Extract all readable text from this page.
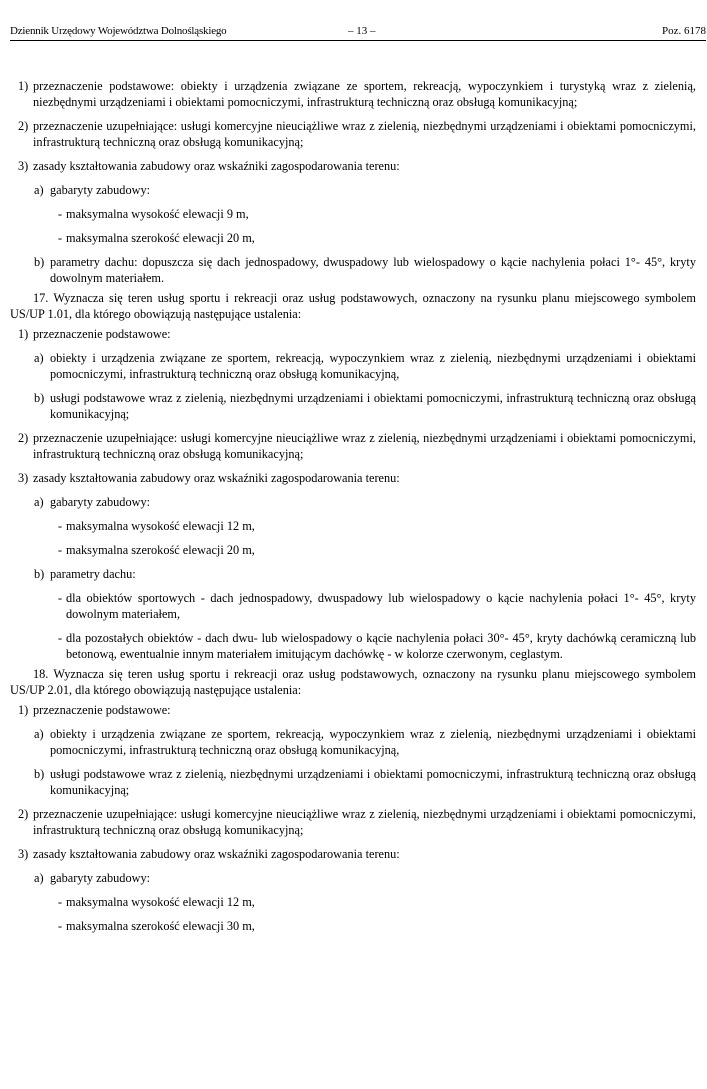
Dziennik Urzędowy Województwa Dolnośląskiego	– 13 –	Poz. 6178
1) przeznaczenie podstawowe: obiekty i urządzenia związane ze sportem, rekreacją, wypoczynkiem i turystyką wraz z zielenią, niezbędnymi urządzeniami i obiektami pomocniczymi, infrastrukturą techniczną oraz obsługą komunikacyjną;
2) przeznaczenie uzupełniające: usługi komercyjne nieuciążliwe wraz z zielenią, niezbędnymi urządzeniami i obiektami pomocniczymi, infrastrukturą techniczną oraz obsługą komunikacyjną;
3) zasady kształtowania zabudowy oraz wskaźniki zagospodarowania terenu:
a) gabaryty zabudowy:
- maksymalna wysokość elewacji 9 m,
- maksymalna szerokość elewacji 20 m,
b) parametry dachu: dopuszcza się dach jednospadowy, dwuspadowy lub wielospadowy o kącie nachylenia połaci 1°- 45°, kryty dowolnym materiałem.

17. Wyznacza się teren usług sportu i rekreacji oraz usług podstawowych, oznaczony na rysunku planu miejscowego symbolem US/UP 1.01, dla którego obowiązują następujące ustalenia:

1) przeznaczenie podstawowe:
a) obiekty i urządzenia związane ze sportem, rekreacją, wypoczynkiem wraz z zielenią, niezbędnymi urządzeniami i obiektami pomocniczymi, infrastrukturą techniczną oraz obsługą komunikacyjną,
b) usługi podstawowe wraz z zielenią, niezbędnymi urządzeniami i obiektami pomocniczymi, infrastrukturą techniczną oraz obsługą komunikacyjną;
2) przeznaczenie uzupełniające: usługi komercyjne nieuciążliwe wraz z zielenią, niezbędnymi urządzeniami i obiektami pomocniczymi, infrastrukturą techniczną oraz obsługą komunikacyjną;
3) zasady kształtowania zabudowy oraz wskaźniki zagospodarowania terenu:
a) gabaryty zabudowy:
- maksymalna wysokość elewacji 12 m,
- maksymalna szerokość elewacji 20 m,
b) parametry dachu:
- dla obiektów sportowych - dach jednospadowy, dwuspadowy lub wielospadowy o kącie nachylenia połaci 1°- 45°, kryty dowolnym materiałem,
- dla pozostałych obiektów - dach dwu- lub wielospadowy o kącie nachylenia połaci 30°- 45°, kryty dachówką ceramiczną lub betonową, ewentualnie innym materiałem imitującym dachówkę - w kolorze czerwonym, ceglastym.

18. Wyznacza się teren usług sportu i rekreacji oraz usług podstawowych, oznaczony na rysunku planu miejscowego symbolem US/UP 2.01, dla którego obowiązują następujące ustalenia:

1) przeznaczenie podstawowe:
a) obiekty i urządzenia związane ze sportem, rekreacją, wypoczynkiem wraz z zielenią, niezbędnymi urządzeniami i obiektami pomocniczymi, infrastrukturą techniczną oraz obsługą komunikacyjną,
b) usługi podstawowe wraz z zielenią, niezbędnymi urządzeniami i obiektami pomocniczymi, infrastrukturą techniczną oraz obsługą komunikacyjną;
2) przeznaczenie uzupełniające: usługi komercyjne nieuciążliwe wraz z zielenią, niezbędnymi urządzeniami i obiektami pomocniczymi, infrastrukturą techniczną oraz obsługą komunikacyjną;
3) zasady kształtowania zabudowy oraz wskaźniki zagospodarowania terenu:
a) gabaryty zabudowy:
- maksymalna wysokość elewacji 12 m,
- maksymalna szerokość elewacji 30 m,
